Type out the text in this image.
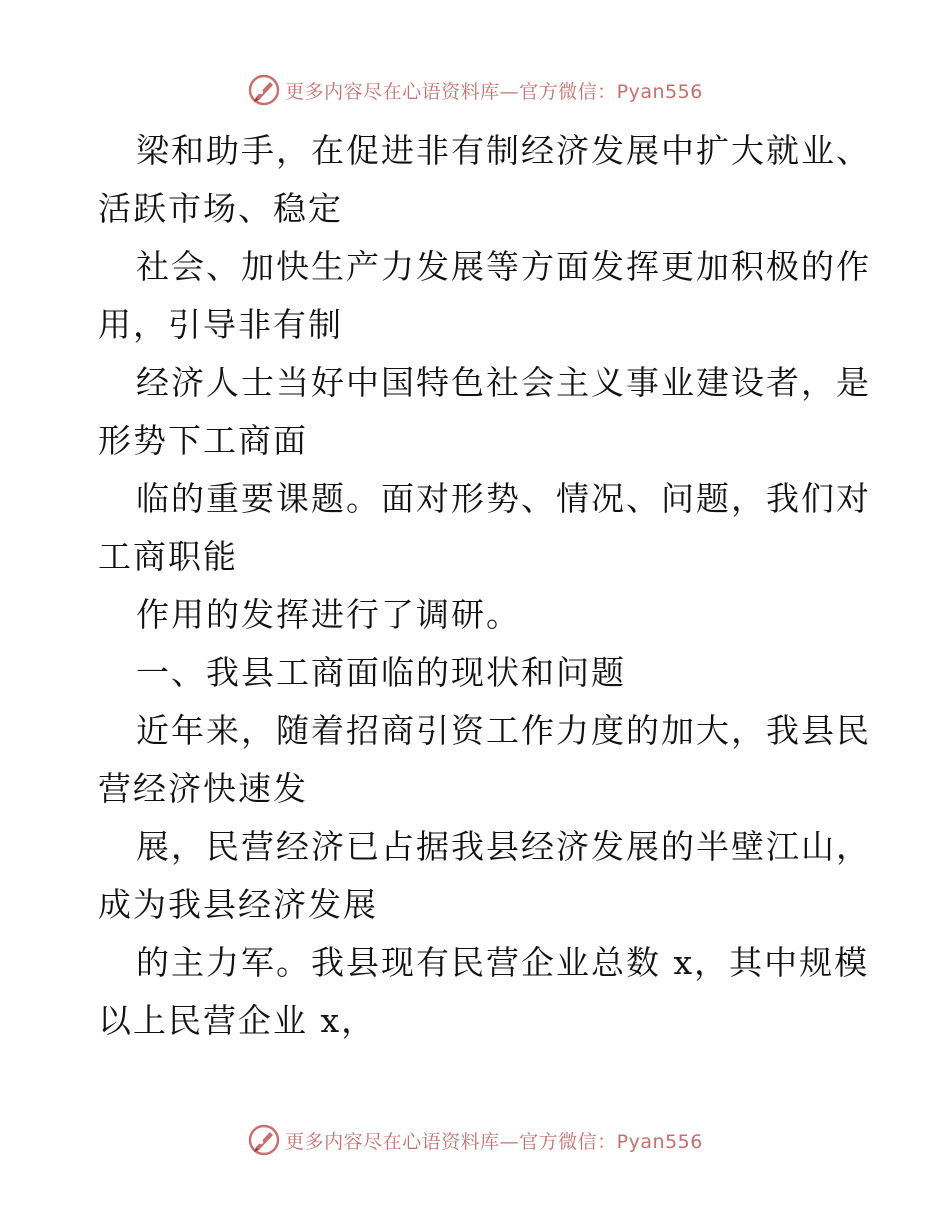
更多内容尽在心语资料库—官方微信：Pyan556
梁和助手，在促进非有制经济发展中扩大就业、
活跃市场、稳定
社会、加快生产力发展等方面发挥更加积极的作
用，引导非有制
经济人士当好中国特色社会主义事业建设者，是
形势下工商面
临的重要课题。面对形势、情况、问题，我们对
工商职能
作用的发挥进行了调研。
一、我县工商面临的现状和问题
近年来，随着招商引资工作力度的加大，我县民
营经济快速发
展，民营经济已占据我县经济发展的半壁江山，
成为我县经济发展
的主力军。我县现有民营企业总数 x，其中规模
以上民营企业 x，
更多内容尽在心语资料库—官方微信：Pyan556
